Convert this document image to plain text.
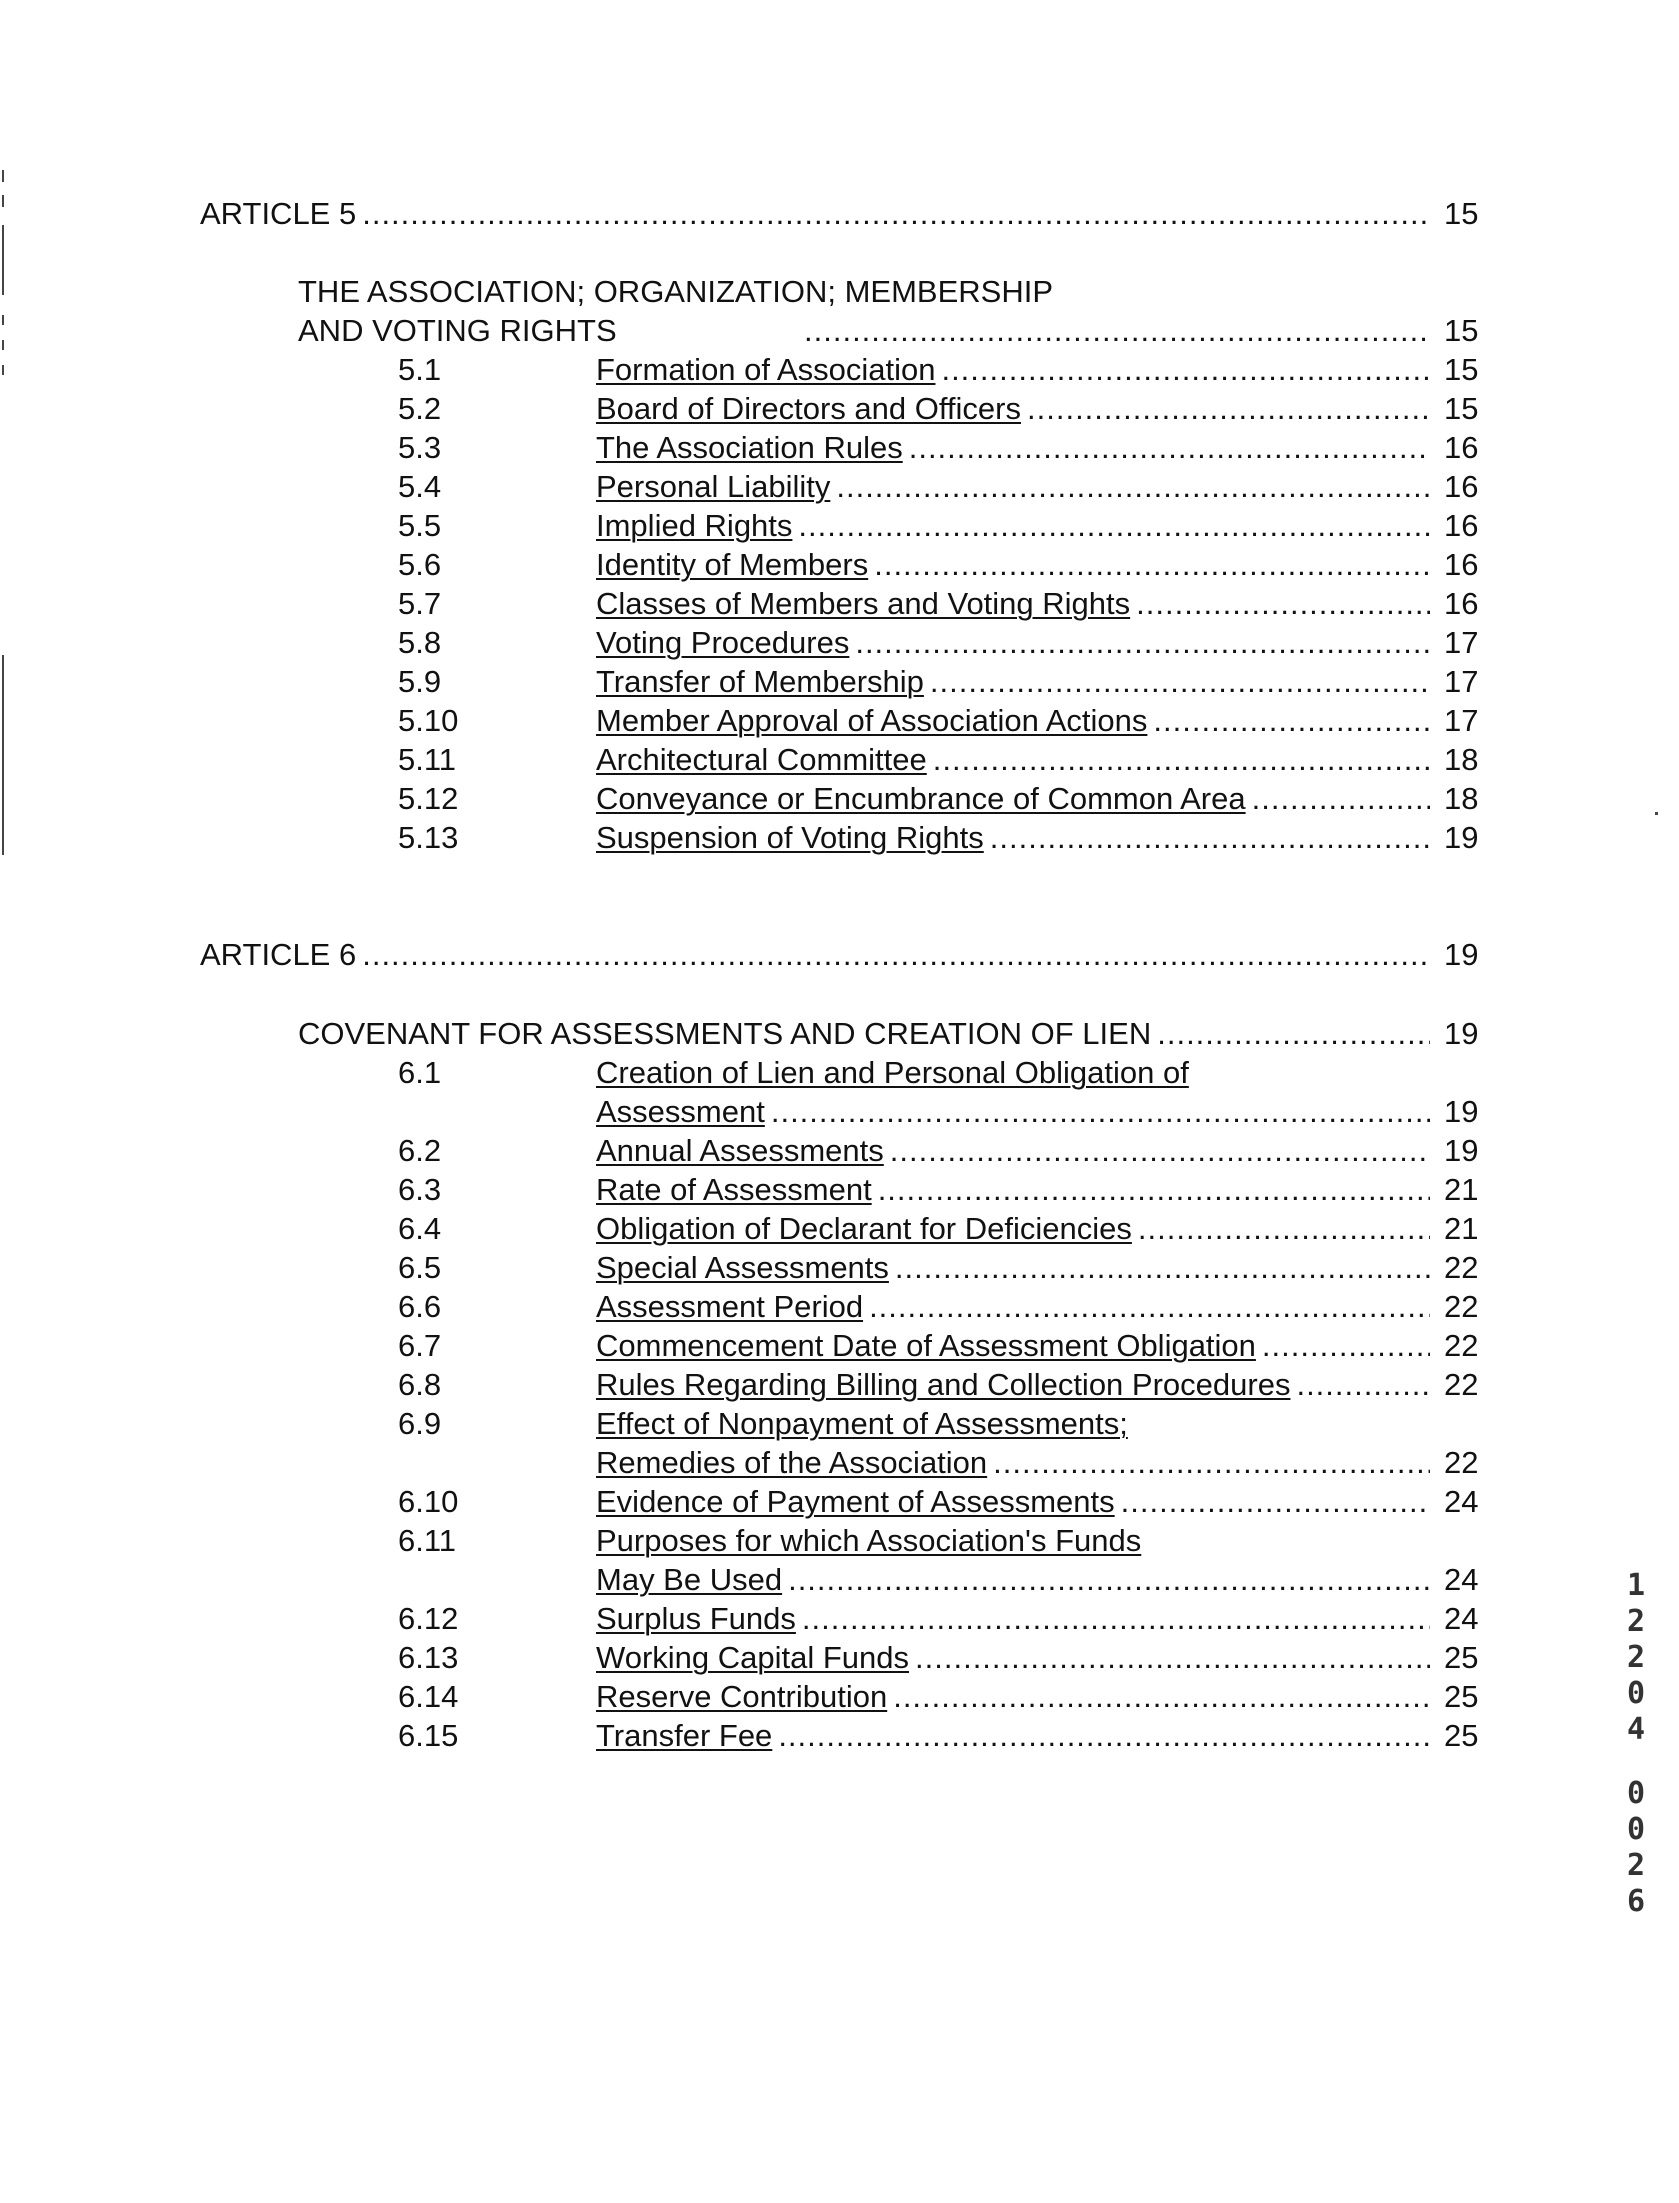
ARTICLE 5 .....	15
THE ASSOCIATION; ORGANIZATION; MEMBERSHIP
AND VOTING RIGHTS .....	15
5.1	Formation of Association .....	15
5.2	Board of Directors and Officers .....	15
5.3	The Association Rules .....	16
5.4	Personal Liability .....	16
5.5	Implied Rights .....	16
5.6	Identity of Members .....	16
5.7	Classes of Members and Voting Rights .....	16
5.8	Voting Procedures .....	17
5.9	Transfer of Membership .....	17
5.10	Member Approval of Association Actions .....	17
5.11	Architectural Committee .....	18
5.12	Conveyance or Encumbrance of Common Area .....	18
5.13	Suspension of Voting Rights .....	19
ARTICLE 6 .....	19
COVENANT FOR ASSESSMENTS AND CREATION OF LIEN .....	19
6.1	Creation of Lien and Personal Obligation of
Assessment .....	19
6.2	Annual Assessments .....	19
6.3	Rate of Assessment .....	21
6.4	Obligation of Declarant for Deficiencies .....	21
6.5	Special Assessments .....	22
6.6	Assessment Period .....	22
6.7	Commencement Date of Assessment Obligation .....	22
6.8	Rules Regarding Billing and Collection Procedures .....	22
6.9	Effect of Nonpayment of Assessments;
Remedies of the Association .....	22
6.10	Evidence of Payment of Assessments .....	24
6.11	Purposes for which Association's Funds
May Be Used .....	24
6.12	Surplus Funds .....	24
6.13	Working Capital Funds .....	25
6.14	Reserve Contribution .....	25
6.15	Transfer Fee .....	25
1
2
2
0
4
0
0
2
6
